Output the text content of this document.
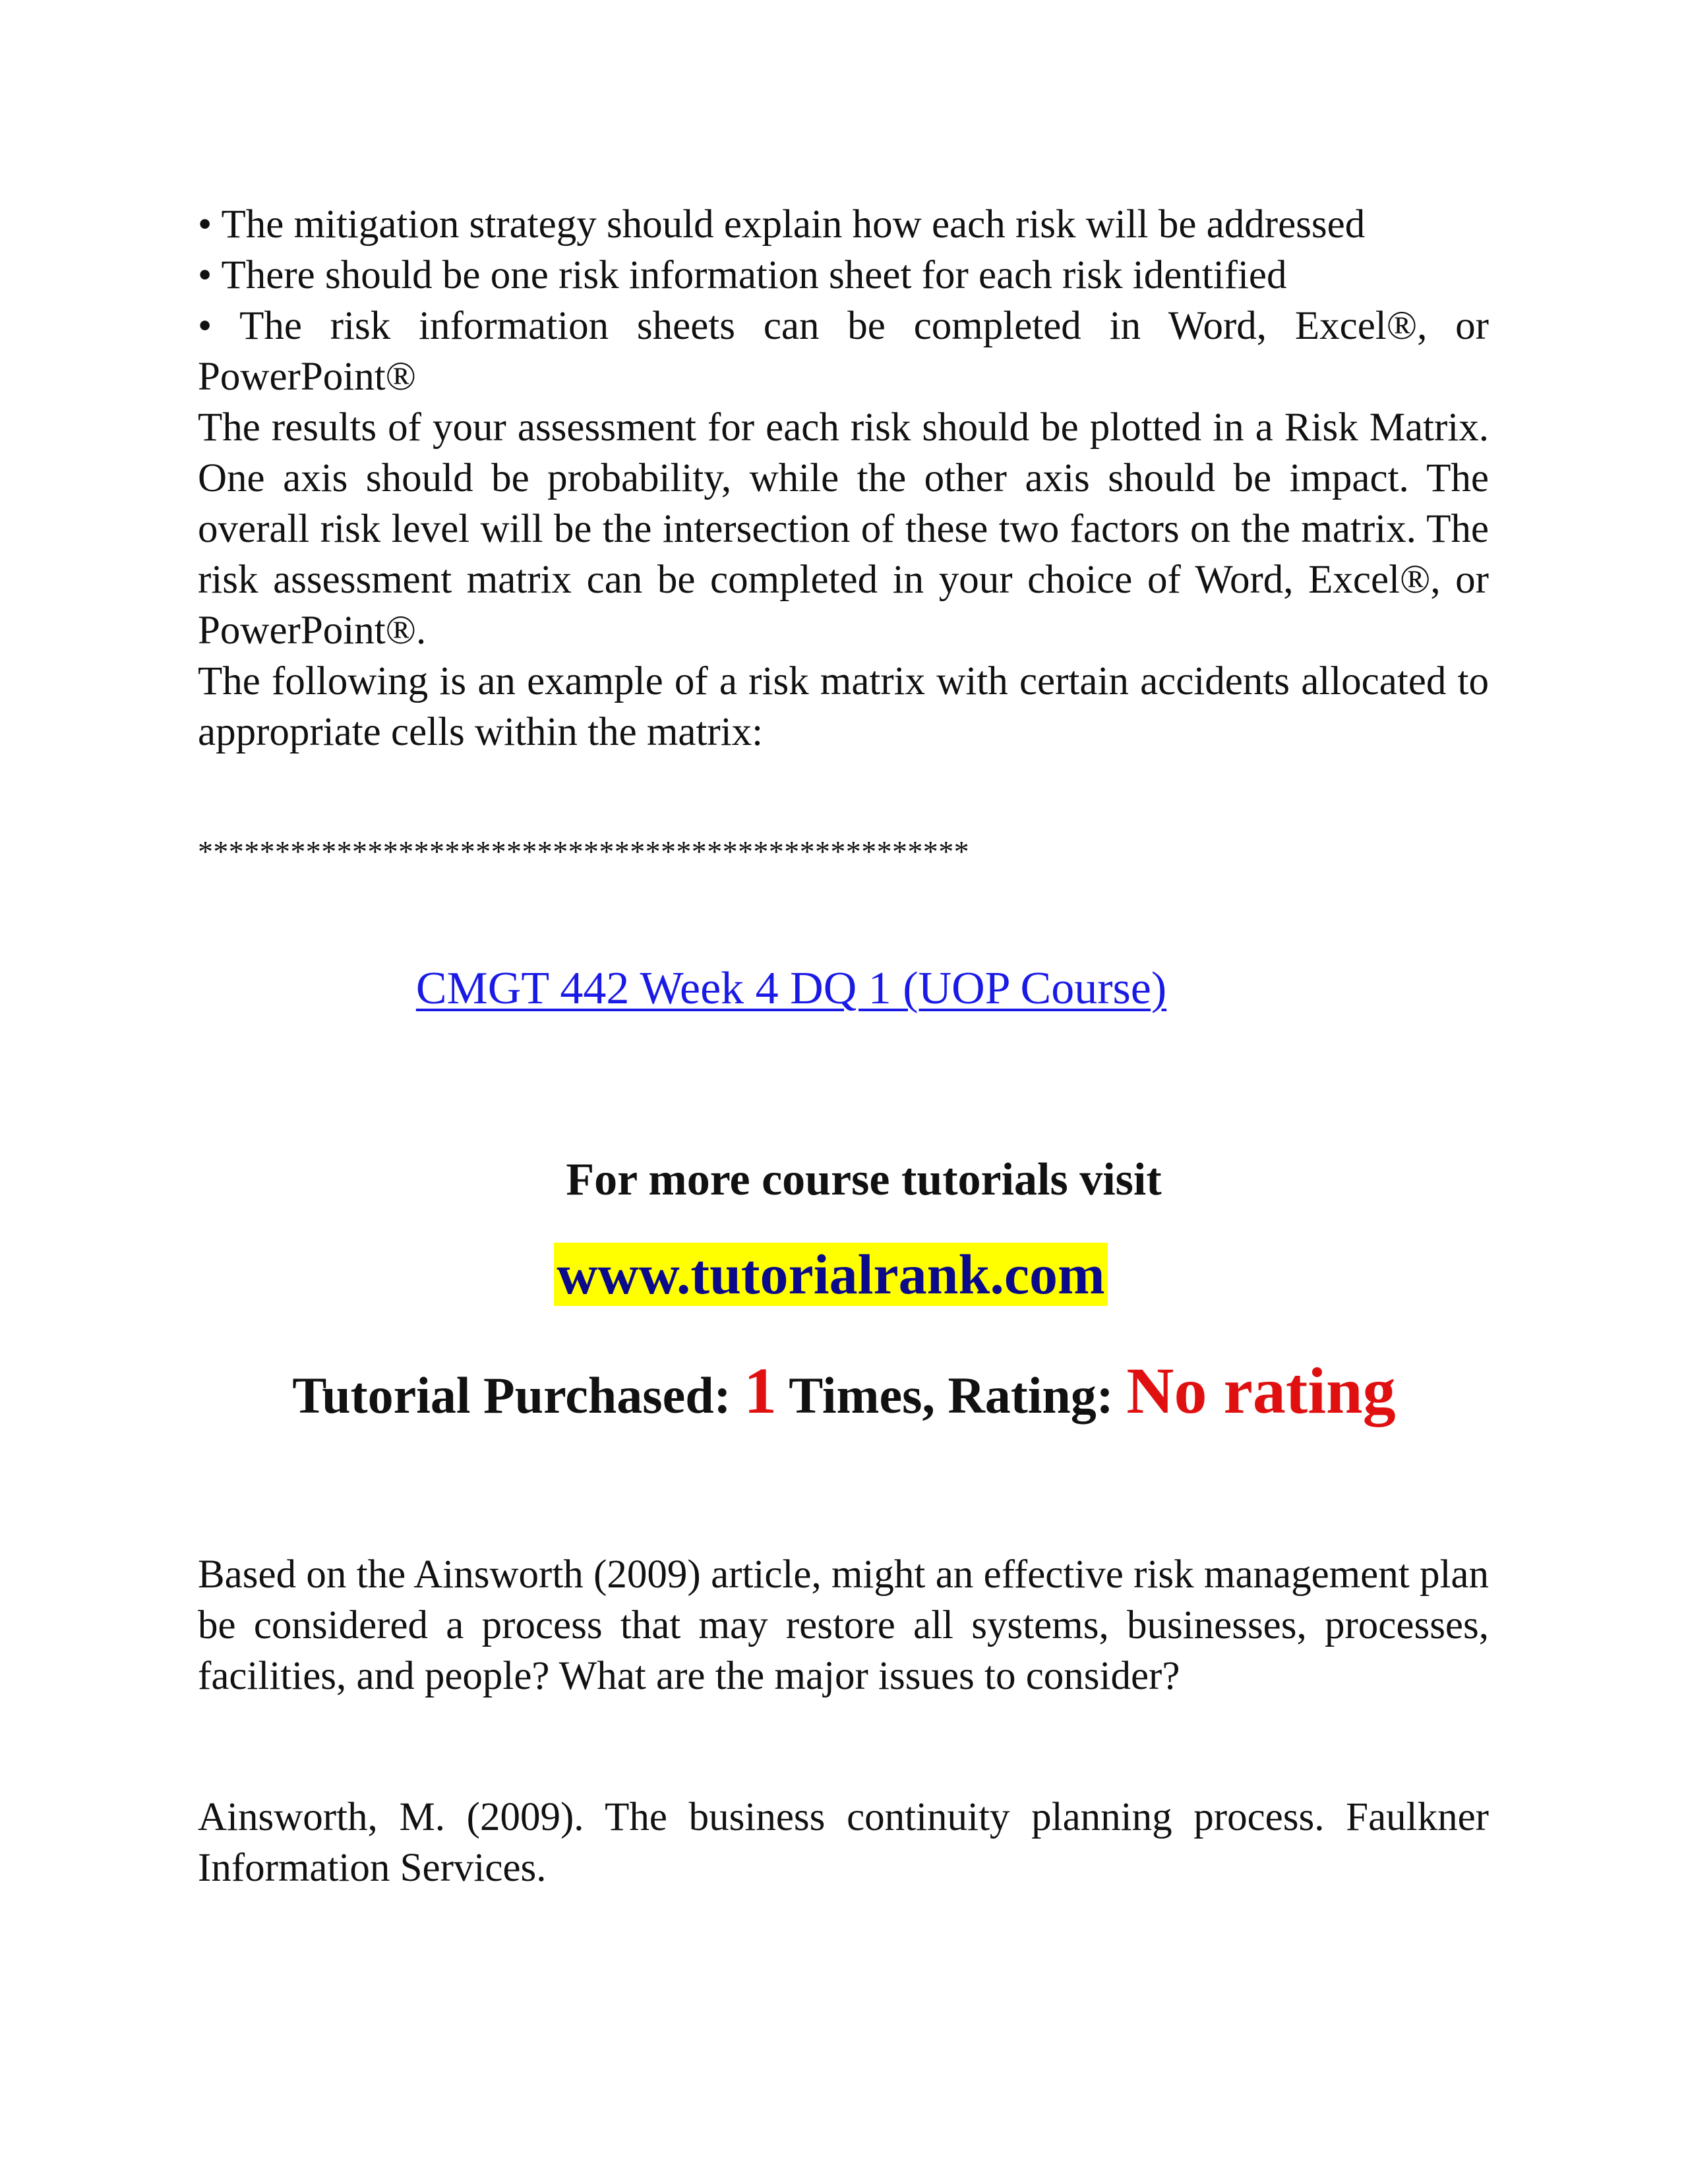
• The mitigation strategy should explain how each risk will be addressed

• There should be one risk information sheet for each risk identified

• The risk information sheets can be completed in Word, Excel®, or PowerPoint®

The results of your assessment for each risk should be plotted in a Risk Matrix. One axis should be probability, while the other axis should be impact. The overall risk level will be the intersection of these two factors on the matrix. The risk assessment matrix can be completed in your choice of Word, Excel®, or PowerPoint®.

The following is an example of a risk matrix with certain accidents allocated to appropriate cells within the matrix:

**************************************************
CMGT 442 Week 4 DQ 1 (UOP Course)
For more course tutorials visit
www.tutorialrank.com
Tutorial Purchased: 1 Times, Rating: No rating

Based on the Ainsworth (2009) article, might an effective risk management plan be considered a process that may restore all systems, businesses, processes, facilities, and people? What are the major issues to consider?

Ainsworth, M. (2009). The business continuity planning process. Faulkner Information Services.
